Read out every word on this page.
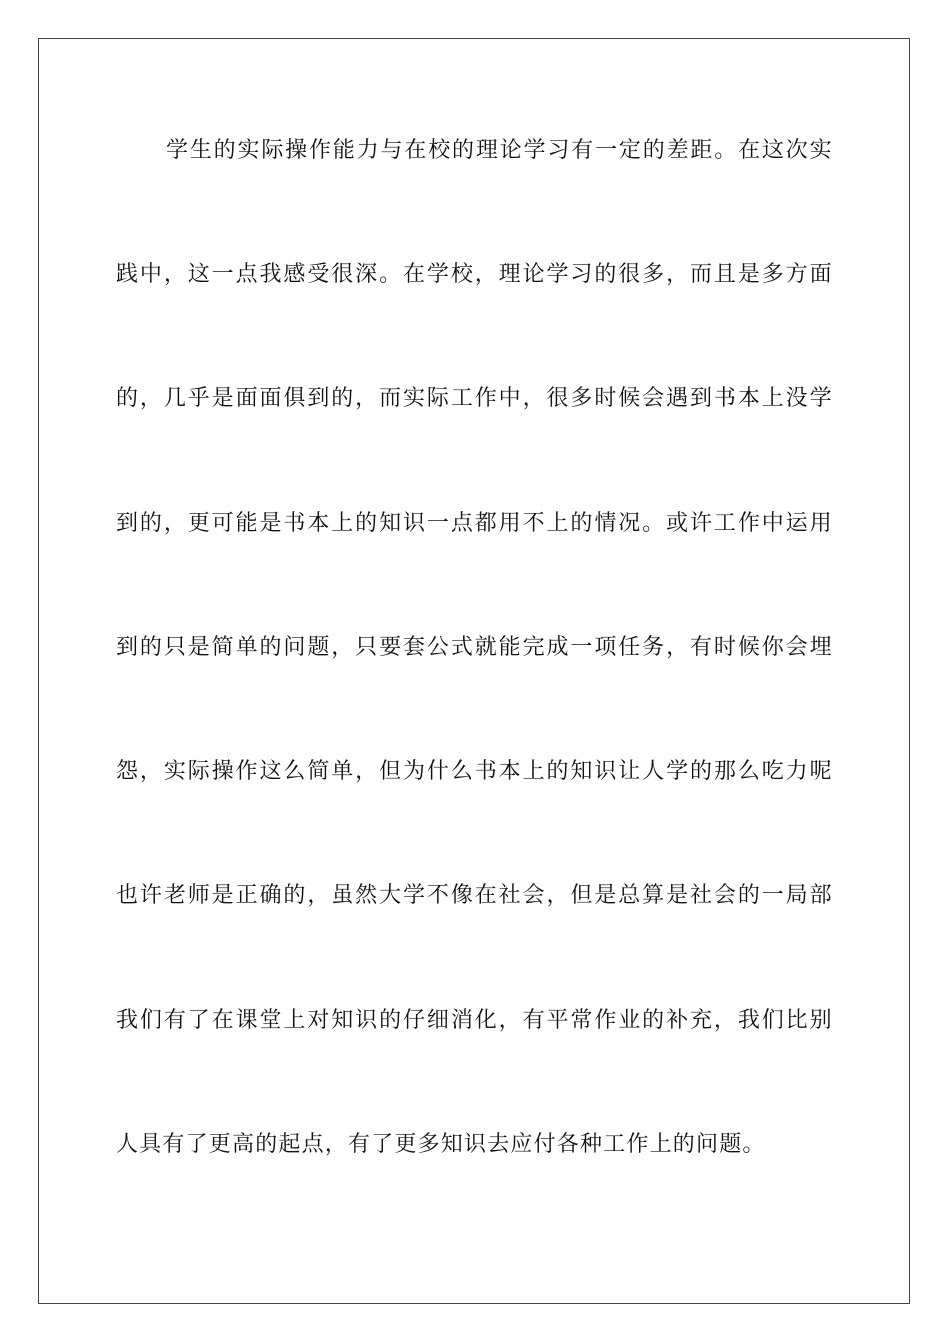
学生的实际操作能力与在校的理论学习有一定的差距。在这次实
践中，这一点我感受很深。在学校，理论学习的很多，而且是多方面
的，几乎是面面俱到的，而实际工作中，很多时候会遇到书本上没学
到的，更可能是书本上的知识一点都用不上的情况。或许工作中运用
到的只是简单的问题，只要套公式就能完成一项任务，有时候你会埋
怨，实际操作这么简单，但为什么书本上的知识让人学的那么吃力呢
也许老师是正确的，虽然大学不像在社会，但是总算是社会的一局部
我们有了在课堂上对知识的仔细消化，有平常作业的补充，我们比别
人具有了更高的起点，有了更多知识去应付各种工作上的问题。
